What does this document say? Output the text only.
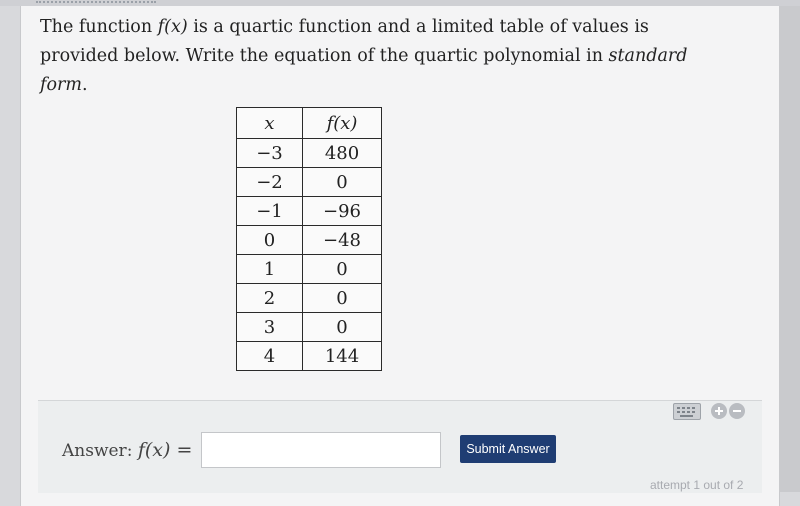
The function f(x) is a quartic function and a limited table of values is provided below. Write the equation of the quartic polynomial in standard form.
x	f(x)
−3	480
−2	0
−1	−96
0	−48
1	0
2	0
3	0
4	144
Answer: f(x) =	Submit Answer
attempt 1 out of 2
